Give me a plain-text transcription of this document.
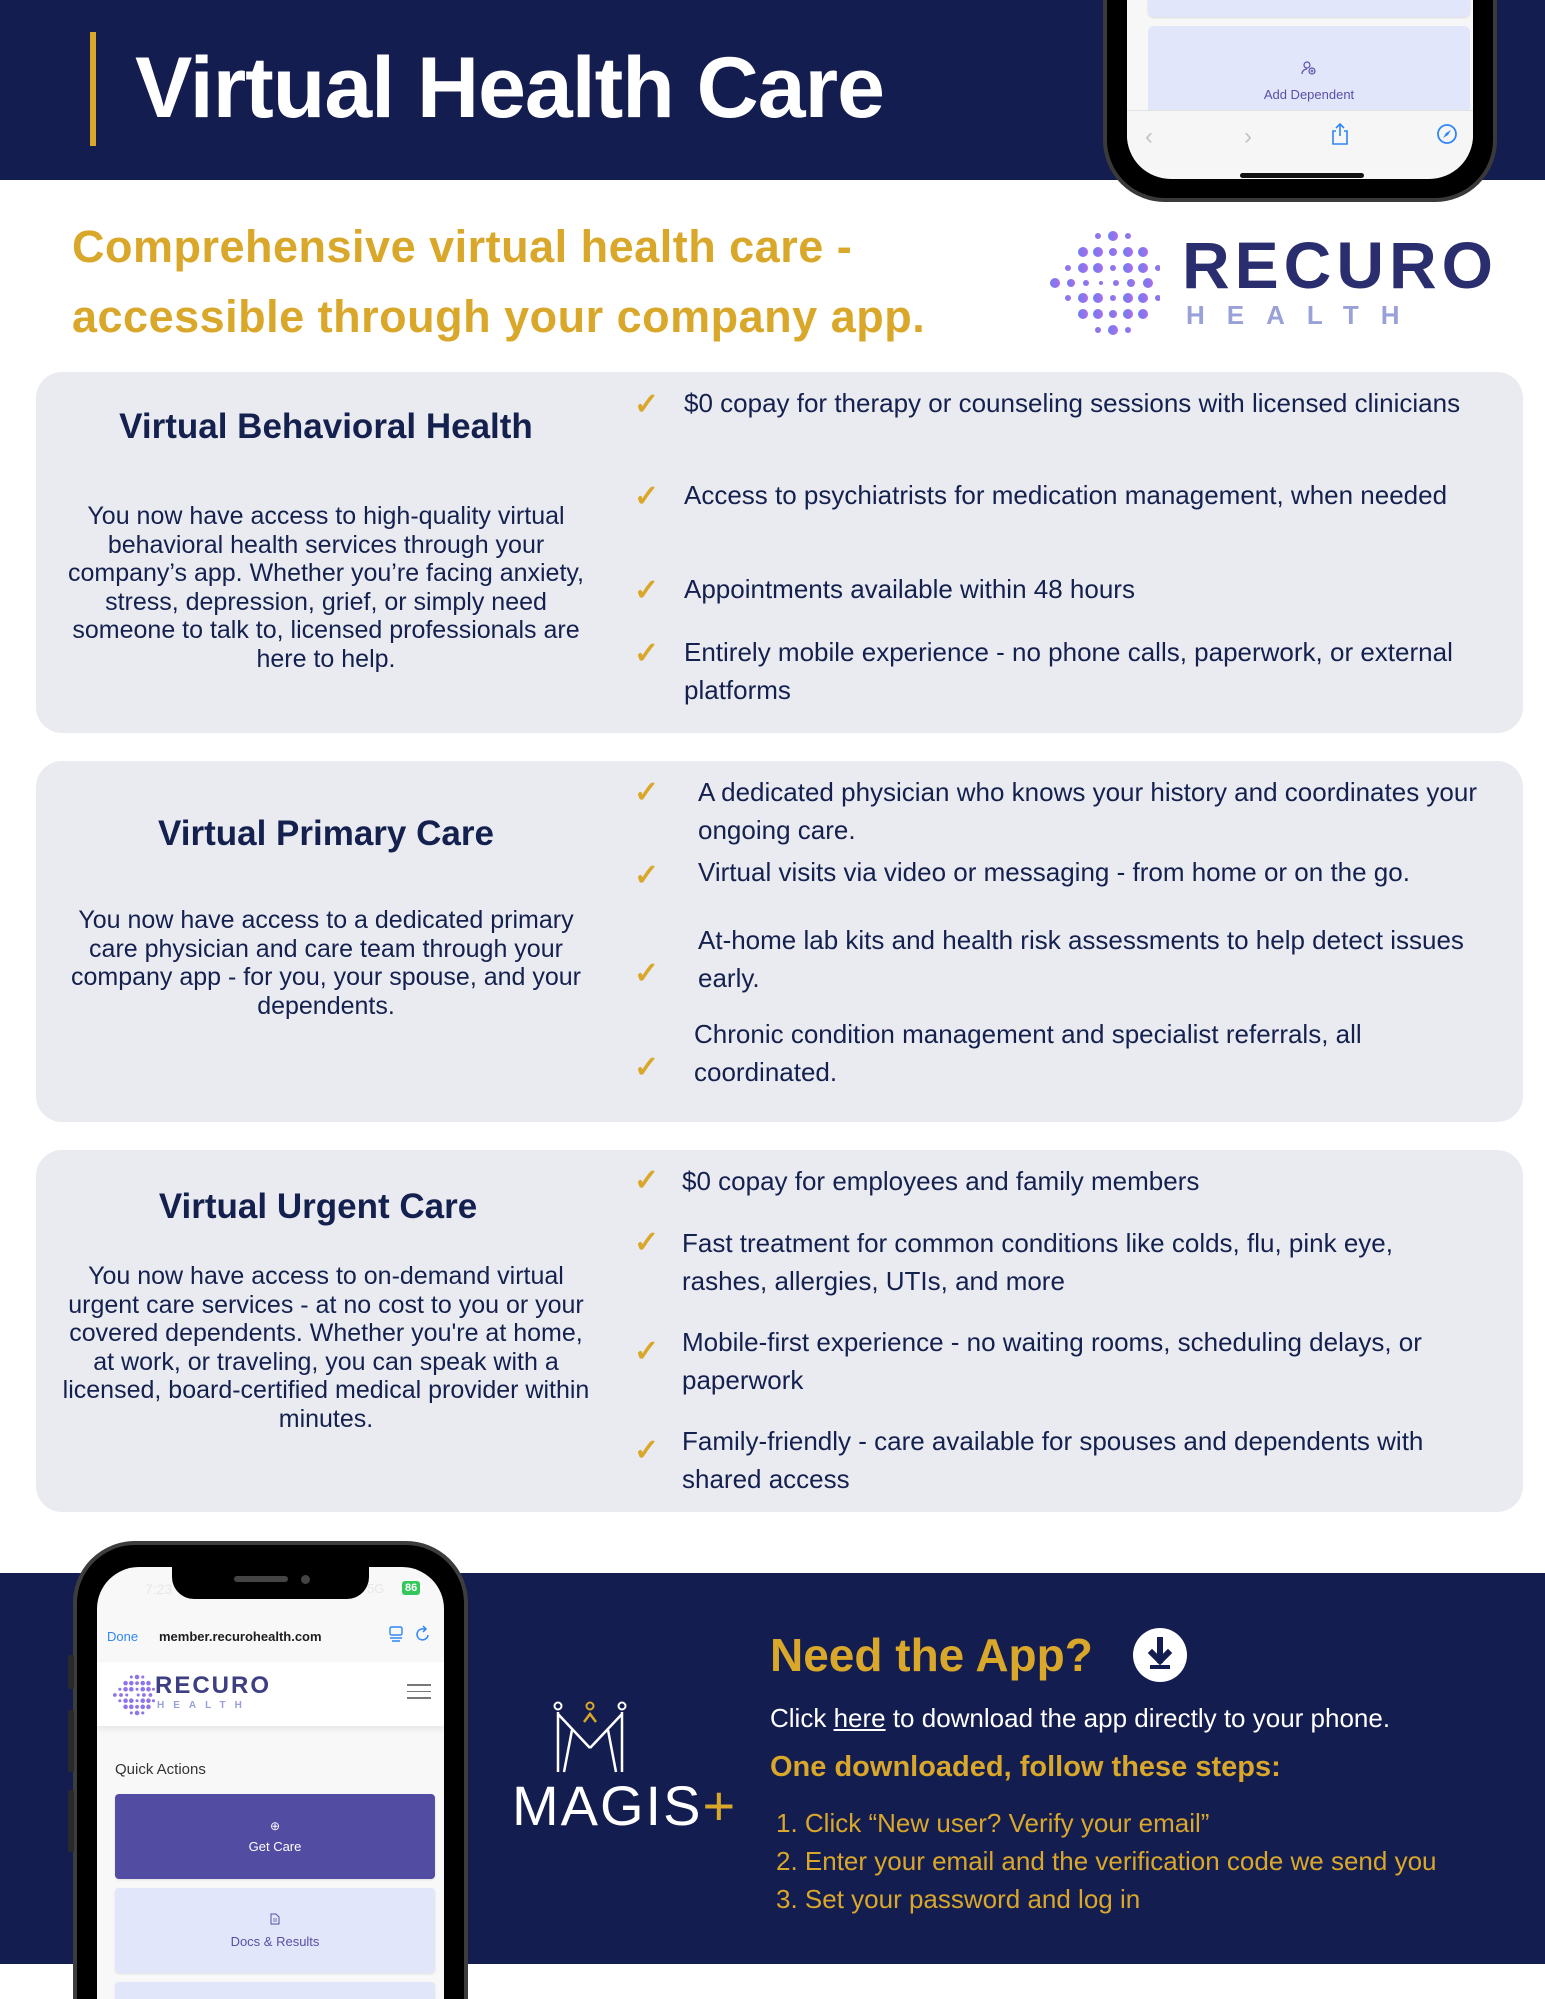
Virtual Health Care	Add Dependent
‹	›
Comprehensive virtual health care -
accessible through your company app.
RECURO
HEALTH
Virtual Behavioral Health

You now have access to high-quality virtual behavioral health services through your company’s app. Whether you’re facing anxiety, stress, depression, grief, or simply need someone to talk to, licensed professionals are here to help.

✓ $0 copay for therapy or counseling sessions with licensed clinicians
✓ Access to psychiatrists for medication management, when needed
✓ Appointments available within 48 hours
✓ Entirely mobile experience - no phone calls, paperwork, or external platforms
Virtual Primary Care

You now have access to a dedicated primary care physician and care team through your company app - for you, your spouse, and your dependents.

✓ A dedicated physician who knows your history and coordinates your ongoing care.
✓ Virtual visits via video or messaging - from home or on the go.
✓
At-home lab kits and health risk assessments to help detect issues early.
✓
Chronic condition management and specialist referrals, all coordinated.
Virtual Urgent Care

You now have access to on-demand virtual urgent care services - at no cost to you or your covered dependents. Whether you're at home, at work, or traveling, you can speak with a licensed, board-certified medical provider within minutes.

✓ $0 copay for employees and family members
✓ Fast treatment for common conditions like colds, flu, pink eye, rashes, allergies, UTIs, and more
✓ Mobile-first experience - no waiting rooms, scheduling delays, or paperwork
✓ Family-friendly - care available for spouses and dependents with shared access
7:23	5G 86
Done member.recurohealth.com
RECURO
HEALTH
Quick Actions
⊕
Get Care
Docs & Results
MAGIS+
Need the App?

Click here to download the app directly to your phone.

One downloaded, follow these steps:
1. Click “New user? Verify your email”
2. Enter your email and the verification code we send you
3. Set your password and log in
